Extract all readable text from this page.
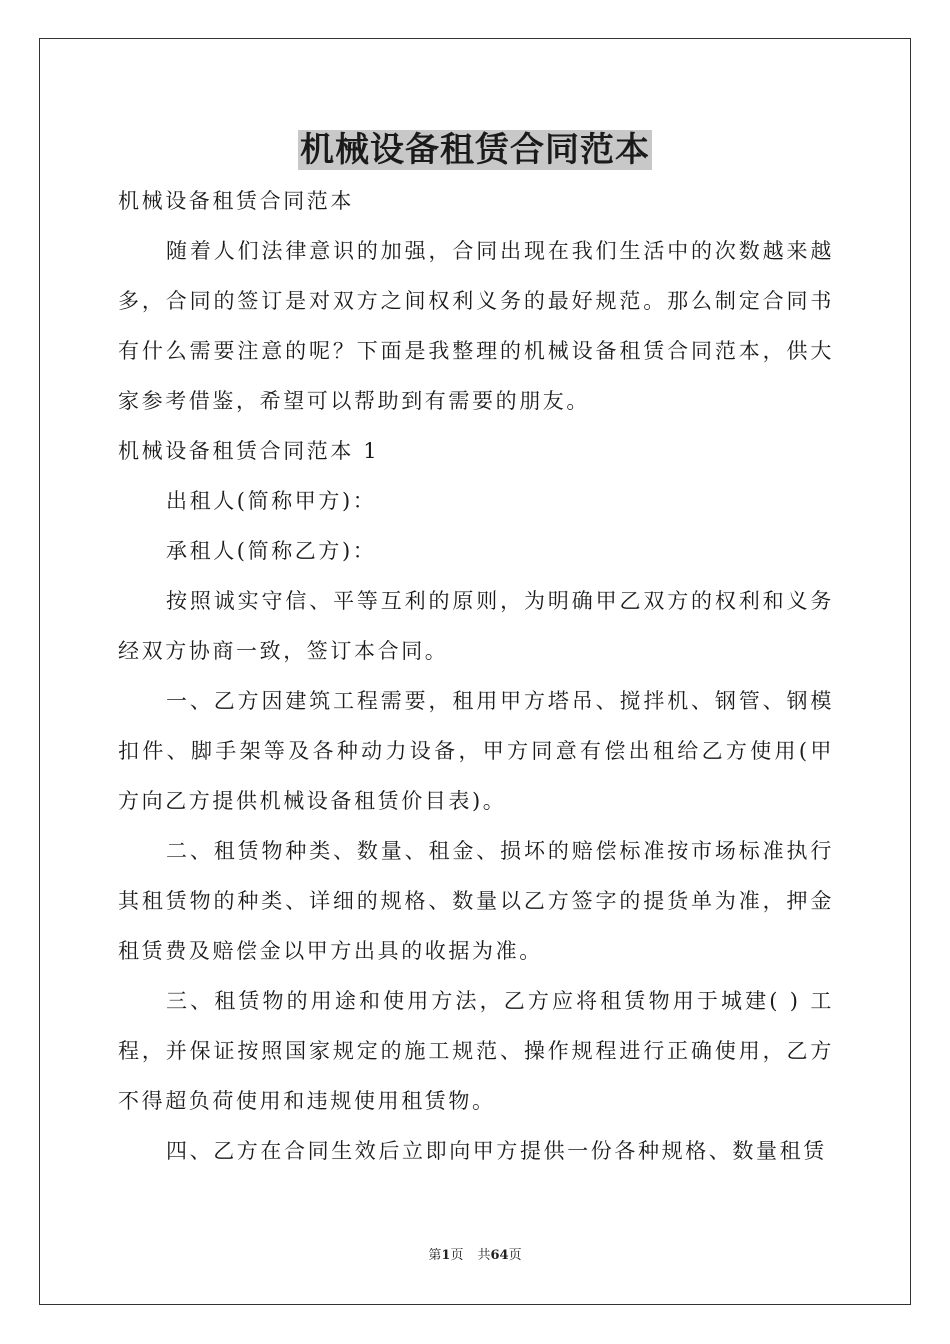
机械设备租赁合同范本

机械设备租赁合同范本

随着人们法律意识的加强，合同出现在我们生活中的次数越来越多，合同的签订是对双方之间权利义务的最好规范。那么制定合同书有什么需要注意的呢？下面是我整理的机械设备租赁合同范本，供大家参考借鉴，希望可以帮助到有需要的朋友。

机械设备租赁合同范本 1

出租人(简称甲方)：

承租人(简称乙方)：

按照诚实守信、平等互利的原则，为明确甲乙双方的权利和义务经双方协商一致，签订本合同。

一、乙方因建筑工程需要，租用甲方塔吊、搅拌机、钢管、钢模扣件、脚手架等及各种动力设备，甲方同意有偿出租给乙方使用(甲方向乙方提供机械设备租赁价目表)。

二、租赁物种类、数量、租金、损坏的赔偿标准按市场标准执行其租赁物的种类、详细的规格、数量以乙方签字的提货单为准，押金租赁费及赔偿金以甲方出具的收据为准。

三、租赁物的用途和使用方法，乙方应将租赁物用于城建( ) 工程，并保证按照国家规定的施工规范、操作规程进行正确使用，乙方不得超负荷使用和违规使用租赁物。

四、乙方在合同生效后立即向甲方提供一份各种规格、数量租赁

第1页 共64页
